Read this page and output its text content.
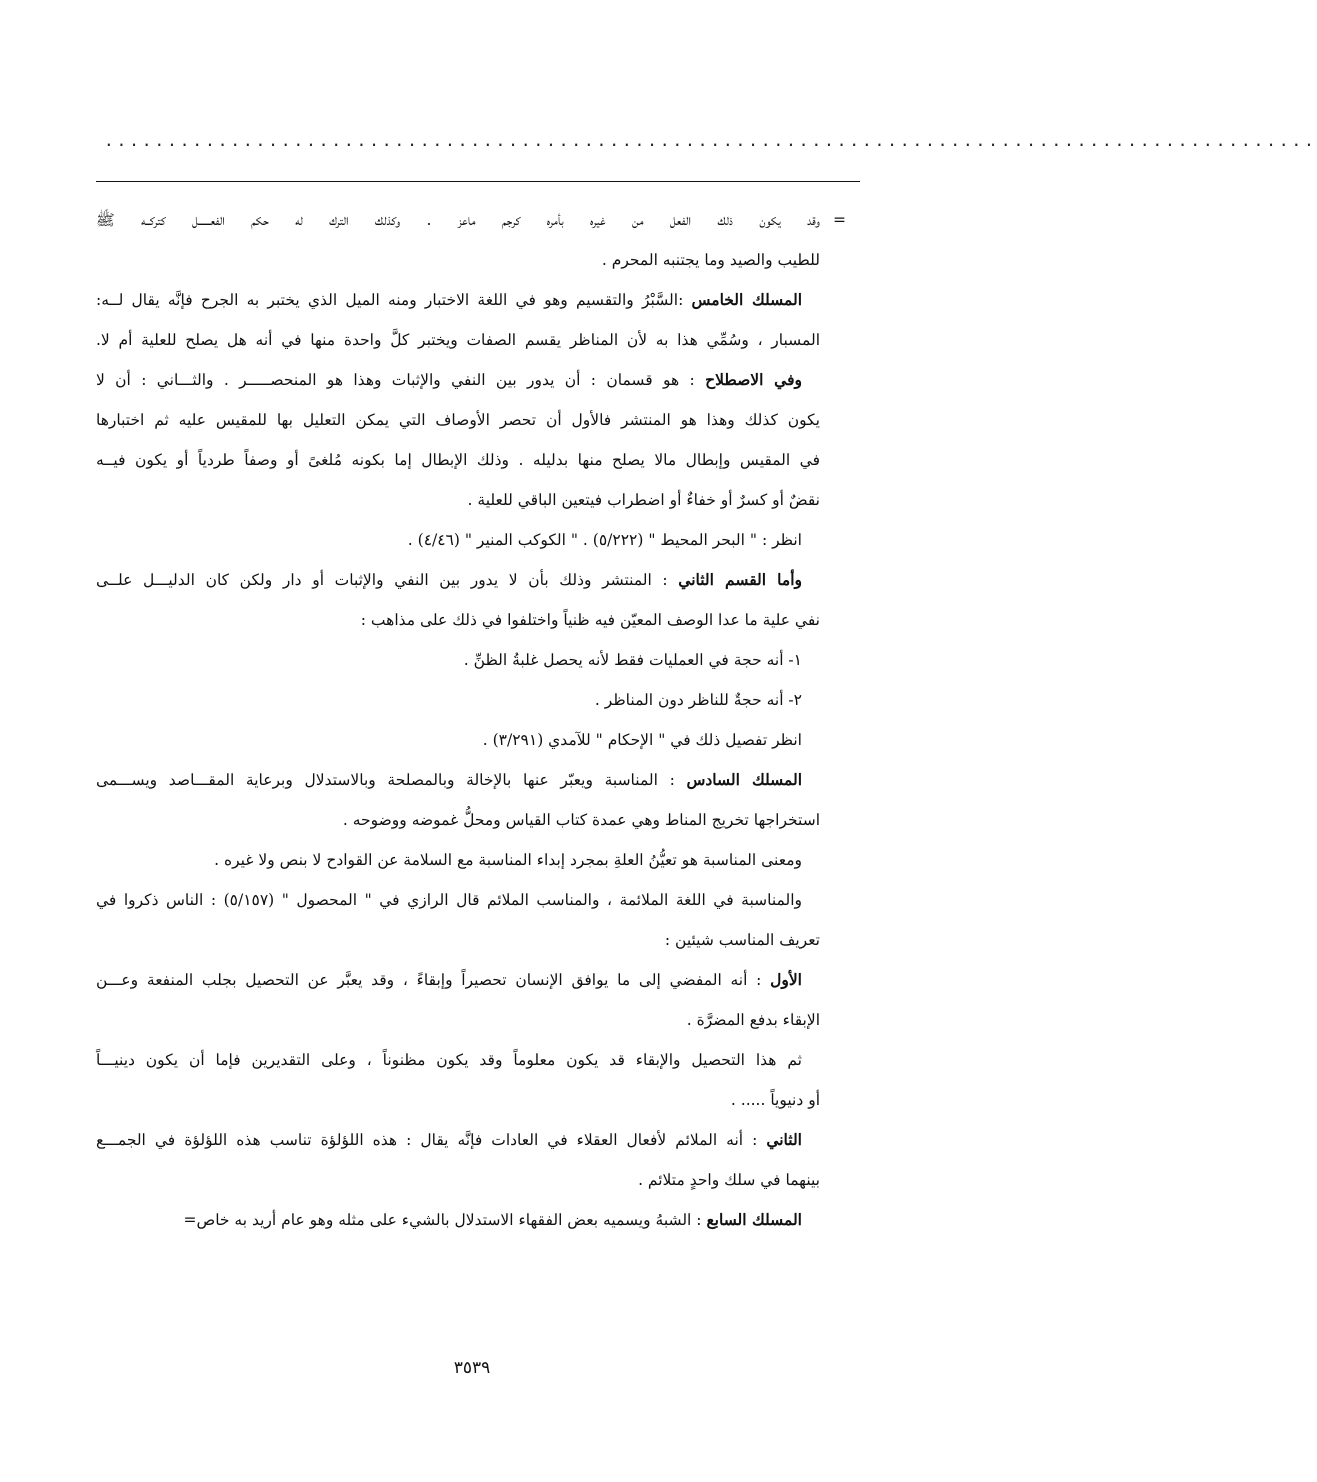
................................................................................................
=
وقد يكون ذلك الفعل من غيره بأمره كرجم ماعز . وكذلك الترك له حكم الفعــــــل كتركــه ﷺ
للطيب والصيد وما يجتنبه المحرم .
المسلك الخامس :السَّبْرُ والتقسيم وهو في اللغة الاختبار ومنه الميل الذي يختبر به الجرح فإنَّه يقال لــه:
المسبار ، وسُمِّي هذا به لأن المناظر يقسم الصفات ويختبر كلَّ واحدة منها في أنه هل يصلح للعلية أم لا.
وفي الاصطلاح : هو قسمان : أن يدور بين النفي والإثبات وهذا هو المنحصـــــر . والثـــاني : أن لا
يكون كذلك وهذا هو المنتشر فالأول أن تحصر الأوصاف التي يمكن التعليل بها للمقيس عليه ثم اختبارها
في المقيس وإبطال مالا يصلح منها بدليله . وذلك الإبطال إما بكونه مُلغىً أو وصفاً طردياً أو يكون فيــه
نقضٌ أو كسرٌ أو خفاءٌ أو اضطراب فيتعين الباقي للعلية .
انظر : " البحر المحيط " (٥/٢٢٢) . " الكوكب المنير " (٤/٤٦) .
وأما القسم الثاني : المنتشر وذلك بأن لا يدور بين النفي والإثبات أو دار ولكن كان الدليـــل علــى
نفي علية ما عدا الوصف المعيّن فيه ظنياً واختلفوا في ذلك على مذاهب :
١- أنه حجة في العمليات فقط لأنه يحصل غلبةُ الظنِّ .
٢- أنه حجةٌ للناظر دون المناظر .
انظر تفصيل ذلك في " الإحكام " للآمدي (٣/٢٩١) .
المسلك السادس : المناسبة ويعبّر عنها بالإخالة وبالمصلحة وبالاستدلال وبرعاية المقـــاصد ويســـمى
استخراجها تخريج المناط وهي عمدة كتاب القياس ومحلُّ غموضه ووضوحه .
ومعنى المناسبة هو تعيُّنُ العلةِ بمجرد إبداء المناسبة مع السلامة عن القوادح لا بنص ولا غيره .
والمناسبة في اللغة الملائمة ، والمناسب الملائم قال الرازي في " المحصول " (٥/١٥٧) : الناس ذكروا في
تعريف المناسب شيئين :
الأول : أنه المفضي إلى ما يوافق الإنسان تحصيراً وإبقاءً ، وقد يعبَّر عن التحصيل بجلب المنفعة وعـــن
الإبقاء بدفع المضرَّة .
ثم هذا التحصيل والإبقاء قد يكون معلوماً وقد يكون مظنوناً ، وعلى التقديرين فإما أن يكون دينيـــاً
أو دنيوياً ..... .
الثاني : أنه الملائم لأفعال العقلاء في العادات فإنَّه يقال : هذه اللؤلؤة تناسب هذه اللؤلؤة في الجمـــع
بينهما في سلك واحدٍ متلائم .
المسلك السابع : الشبهُ ويسميه بعض الفقهاء الاستدلال بالشيء على مثله وهو عام أريد به خاص=
٣٥٣٩
